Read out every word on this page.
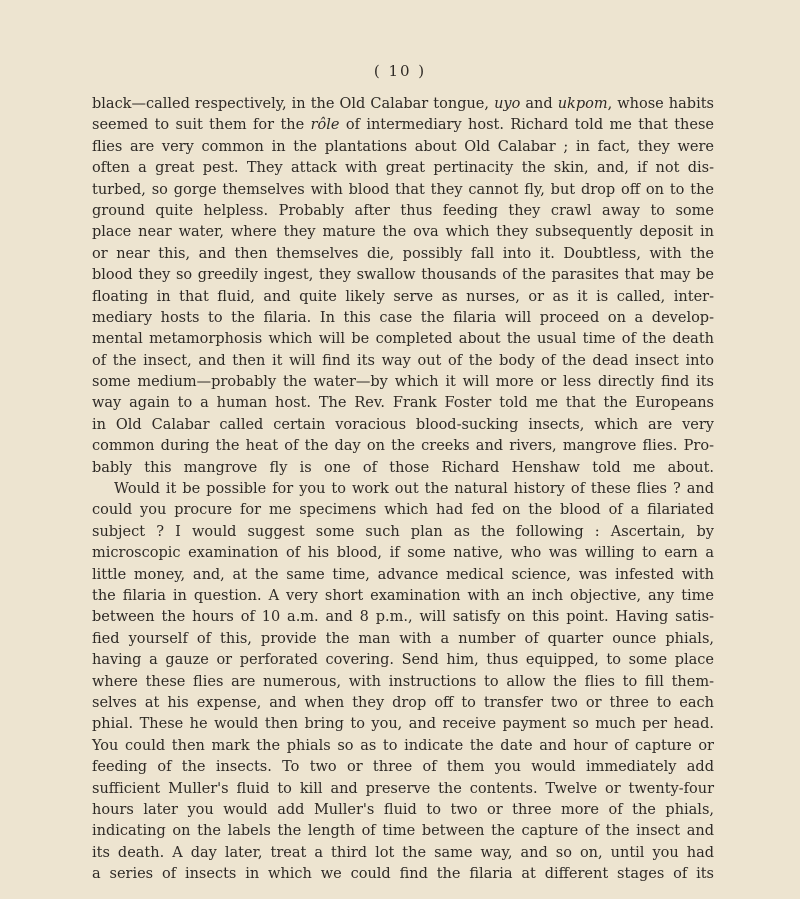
( 10 )
black—called respectively, in the Old Calabar tongue, uyo and ukpom, whose habits
seemed to suit them for the rôle of intermediary host. Richard told me that these
flies are very common in the plantations about Old Calabar ; in fact, they were
often a great pest. They attack with great pertinacity the skin, and, if not dis-
turbed, so gorge themselves with blood that they cannot fly, but drop off on to the
ground quite helpless. Probably after thus feeding they crawl away to some
place near water, where they mature the ova which they subsequently deposit in
or near this, and then themselves die, possibly fall into it. Doubtless, with the
blood they so greedily ingest, they swallow thousands of the parasites that may be
floating in that fluid, and quite likely serve as nurses, or as it is called, inter-
mediary hosts to the filaria. In this case the filaria will proceed on a develop-
mental metamorphosis which will be completed about the usual time of the death
of the insect, and then it will find its way out of the body of the dead insect into
some medium—probably the water—by which it will more or less directly find its
way again to a human host. The Rev. Frank Foster told me that the Europeans
in Old Calabar called certain voracious blood-sucking insects, which are very
common during the heat of the day on the creeks and rivers, mangrove flies. Pro-
bably this mangrove fly is one of those Richard Henshaw told me about.
Would it be possible for you to work out the natural history of these flies ? and
could you procure for me specimens which had fed on the blood of a filariated
subject ? I would suggest some such plan as the following : Ascertain, by
microscopic examination of his blood, if some native, who was willing to earn a
little money, and, at the same time, advance medical science, was infested with
the filaria in question. A very short examination with an inch objective, any time
between the hours of 10 a.m. and 8 p.m., will satisfy on this point. Having satis-
fied yourself of this, provide the man with a number of quarter ounce phials,
having a gauze or perforated covering. Send him, thus equipped, to some place
where these flies are numerous, with instructions to allow the flies to fill them-
selves at his expense, and when they drop off to transfer two or three to each
phial. These he would then bring to you, and receive payment so much per head.
You could then mark the phials so as to indicate the date and hour of capture or
feeding of the insects. To two or three of them you would immediately add
sufficient Muller's fluid to kill and preserve the contents. Twelve or twenty-four
hours later you would add Muller's fluid to two or three more of the phials,
indicating on the labels the length of time between the capture of the insect and
its death. A day later, treat a third lot the same way, and so on, until you had
a series of insects in which we could find the filaria at different stages of its
